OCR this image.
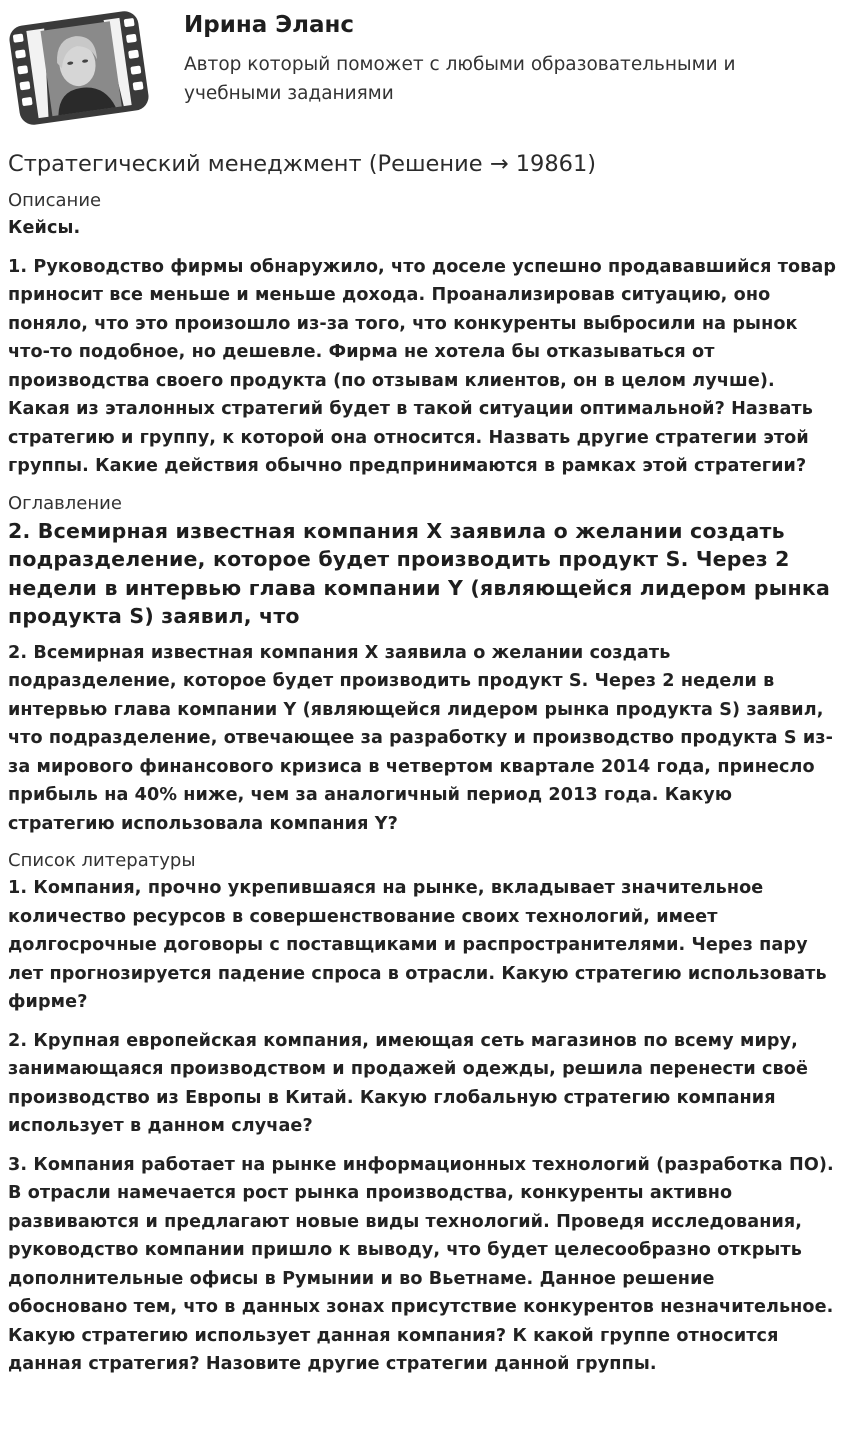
Ирина Эланс

Автор который поможет с любыми образовательными и учебными заданиями

Стратегический менеджмент (Решение → 19861)

Описание

Кейсы.

1. Руководство фирмы обнаружило, что доселе успешно продававшийся товар приносит все меньше и меньше дохода. Проанализировав ситуацию, оно поняло, что это произошло из-за того, что конкуренты выбросили на рынок что-то подобное, но дешевле. Фирма не хотела бы отказываться от производства своего продукта (по отзывам клиентов, он в целом лучше). Какая из эталонных стратегий будет в такой ситуации оптимальной? Назвать стратегию и группу, к которой она относится. Назвать другие стратегии этой группы. Какие действия обычно предпринимаются в рамках этой стратегии?

Оглавление

2. Всемирная известная компания X заявила о желании создать подразделение, которое будет производить продукт S. Через 2 недели в интервью глава компании Y (являющейся лидером рынка продукта S) заявил, что

2. Всемирная известная компания X заявила о желании создать подразделение, которое будет производить продукт S. Через 2 недели в интервью глава компании Y (являющейся лидером рынка продукта S) заявил, что подразделение, отвечающее за разработку и производство продукта S из-за мирового финансового кризиса в четвертом квартале 2014 года, принесло прибыль на 40% ниже, чем за аналогичный период 2013 года. Какую стратегию использовала компания Y?

Список литературы

1. Компания, прочно укрепившаяся на рынке, вкладывает значительное количество ресурсов в совершенствование своих технологий, имеет долгосрочные договоры с поставщиками и распространителями. Через пару лет прогнозируется падение спроса в отрасли. Какую стратегию использовать фирме?

2. Крупная европейская компания, имеющая сеть магазинов по всему миру, занимающаяся производством и продажей одежды, решила перенести своё производство из Европы в Китай. Какую глобальную стратегию компания использует в данном случае?

3. Компания работает на рынке информационных технологий (разработка ПО). В отрасли намечается рост рынка производства, конкуренты активно развиваются и предлагают новые виды технологий. Проведя исследования, руководство компании пришло к выводу, что будет целесообразно открыть дополнительные офисы в Румынии и во Вьетнаме. Данное решение обосновано тем, что в данных зонах присутствие конкурентов незначительное. Какую стратегию использует данная компания? К какой группе относится данная стратегия? Назовите другие стратегии данной группы.
